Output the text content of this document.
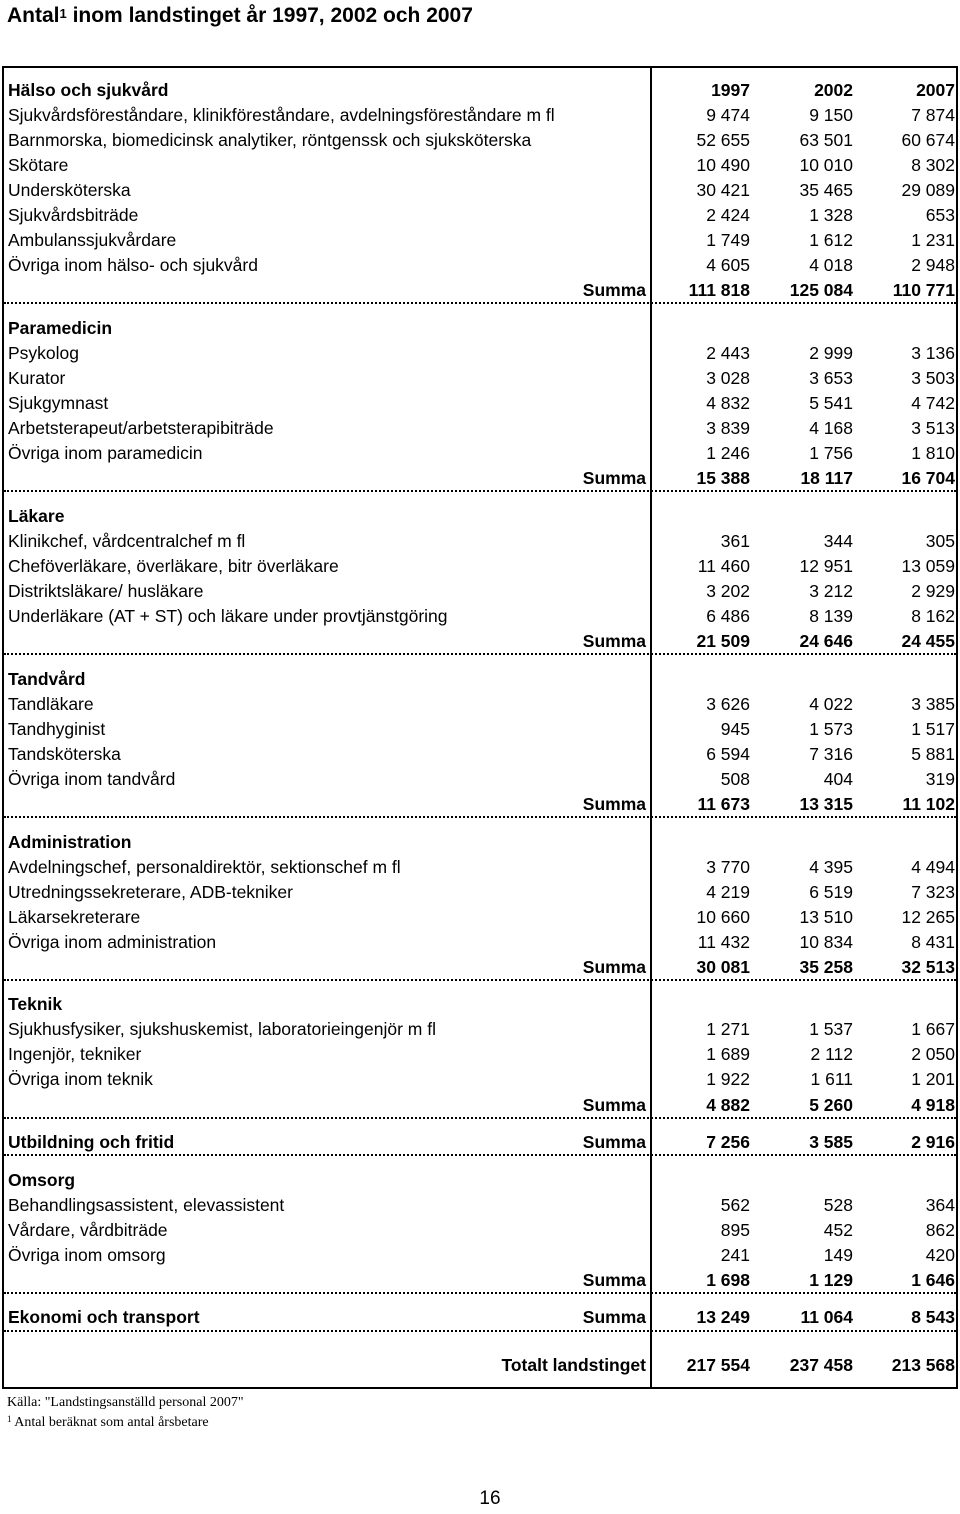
Antal$^1$ inom landstinget år 1997, 2002 och 2007
Hälso och sjukvård	1997	2002	2007
Sjukvårdsföreståndare, klinikföreståndare, avdelningsföreståndare m fl	9 474	9 150	7 874
Barnmorska, biomedicinsk analytiker, röntgenssk och sjuksköterska	52 655	63 501	60 674
Skötare	10 490	10 010	8 302
Undersköterska	30 421	35 465	29 089
Sjukvårdsbiträde	2 424	1 328	653
Ambulanssjukvårdare	1 749	1 612	1 231
Övriga inom hälso- och sjukvård	4 605	4 018	2 948
Summa	111 818	125 084	110 771
Paramedicin
Psykolog	2 443	2 999	3 136
Kurator	3 028	3 653	3 503
Sjukgymnast	4 832	5 541	4 742
Arbetsterapeut/arbetsterapibiträde	3 839	4 168	3 513
Övriga inom paramedicin	1 246	1 756	1 810
Summa	15 388	18 117	16 704
Läkare
Klinikchef, vårdcentralchef m fl	361	344	305
Cheföverläkare, överläkare, bitr överläkare	11 460	12 951	13 059
Distriktsläkare/ husläkare	3 202	3 212	2 929
Underläkare (AT + ST) och läkare under provtjänstgöring	6 486	8 139	8 162
Summa	21 509	24 646	24 455
Tandvård
Tandläkare	3 626	4 022	3 385
Tandhyginist	945	1 573	1 517
Tandsköterska	6 594	7 316	5 881
Övriga inom tandvård	508	404	319
Summa	11 673	13 315	11 102
Administration
Avdelningschef, personaldirektör, sektionschef m fl	3 770	4 395	4 494
Utredningssekreterare, ADB-tekniker	4 219	6 519	7 323
Läkarsekreterare	10 660	13 510	12 265
Övriga inom administration	11 432	10 834	8 431
Summa	30 081	35 258	32 513
Teknik
Sjukhusfysiker, sjukshuskemist, laboratorieingenjör m fl	1 271	1 537	1 667
Ingenjör, tekniker	1 689	2 112	2 050
Övriga inom teknik	1 922	1 611	1 201
Summa	4 882	5 260	4 918
Utbildning och fritid	Summa	7 256	3 585	2 916
Omsorg
Behandlingsassistent, elevassistent	562	528	364
Vårdare, vårdbiträde	895	452	862
Övriga inom omsorg	241	149	420
Summa	1 698	1 129	1 646
Ekonomi och transport	Summa	13 249	11 064	8 543
Totalt landstinget	217 554	237 458	213 568
Källa: "Landstingsanställd personal 2007"
$^1$ Antal beräknat som antal årsbetare
16
